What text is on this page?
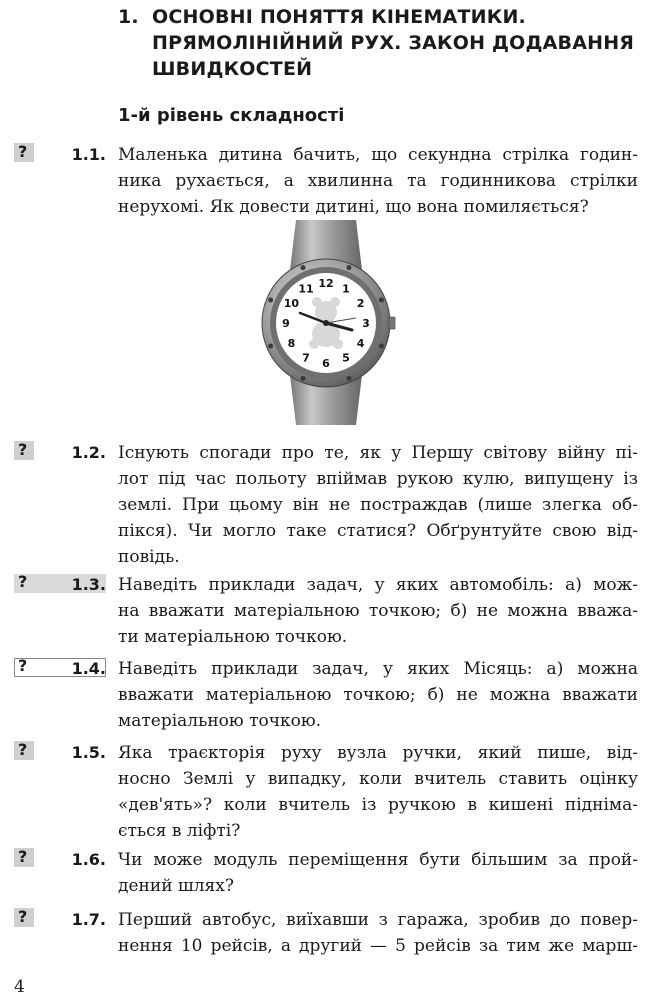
1. ОСНОВНІ ПОНЯТТЯ КІНЕМАТИКИ.
ПРЯМОЛІНІЙНИЙ РУХ. ЗАКОН ДОДАВАННЯ
ШВИДКОСТЕЙ
1-й рівень складності
?	1.1. Маленька дитина бачить, що секундна стрілка годин-
ника рухається, а хвилинна та годинникова стрілки
нерухомі. Як довести дитині, що вона помиляється?
12 1
2
3
4
5
6
7
8
9
10
11
?	1.2. Існують спогади про те, як у Першу світову війну пі-
лот під час польоту впіймав рукою кулю, випущену із
землі. При цьому він не постраждав (лише злегка об-
пікся). Чи могло таке статися? Обґрунтуйте свою від-
повідь.
?	1.3. Наведіть приклади задач, у яких автомобіль: а) мож-
на вважати матеріальною точкою; б) не можна вважа-
ти матеріальною точкою.
?	1.4. Наведіть приклади задач, у яких Місяць: а) можна
вважати матеріальною точкою; б) не можна вважати
матеріальною точкою.
?	1.5. Яка траєкторія руху вузла ручки, який пише, від-
носно Землі у випадку, коли вчитель ставить оцінку
«дев'ять»? коли вчитель із ручкою в кишені підніма-
ється в ліфті?
?	1.6. Чи може модуль переміщення бути більшим за прой-
дений шлях?
?	1.7. Перший автобус, виїхавши з гаража, зробив до повер-
нення 10 рейсів, а другий — 5 рейсів за тим же марш-
4
